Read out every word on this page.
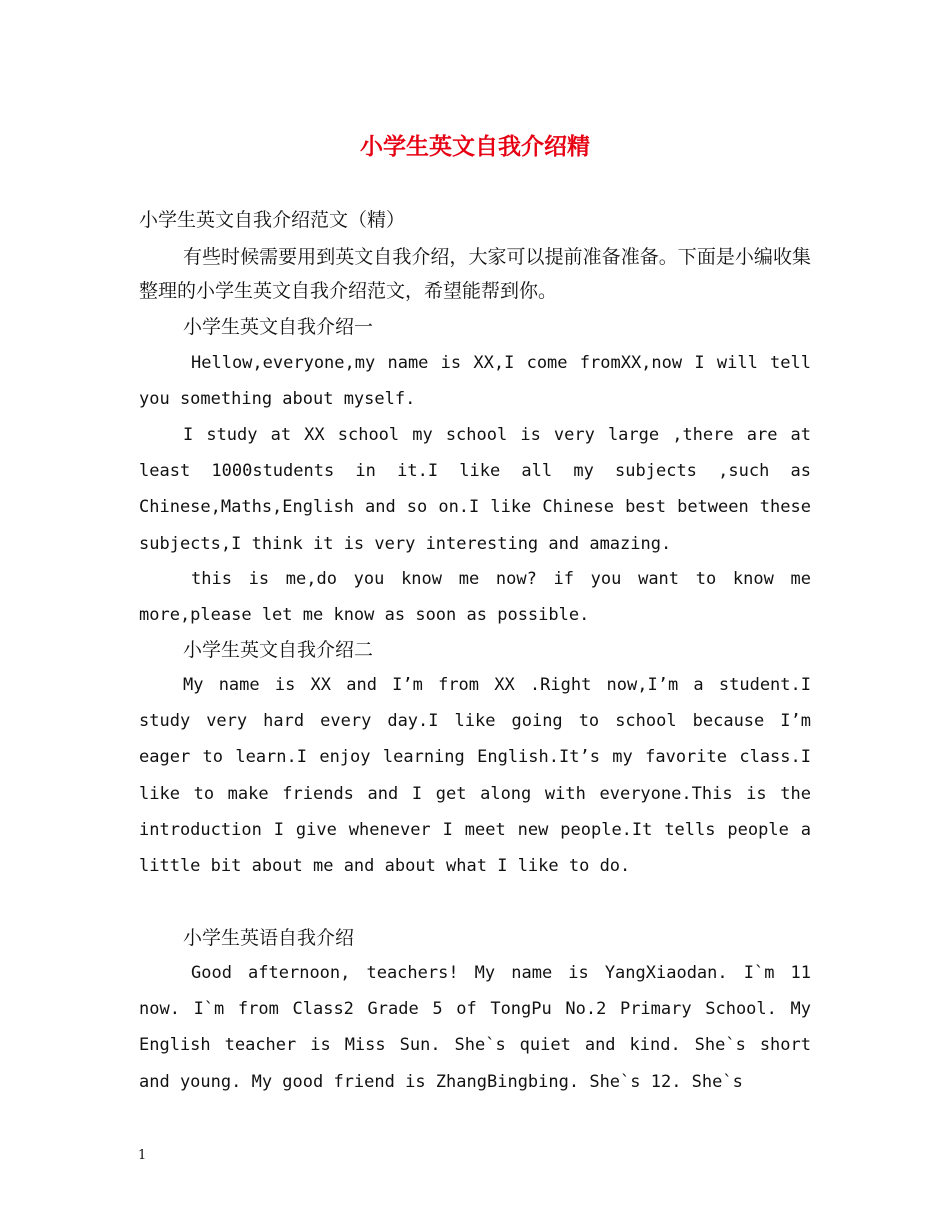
小学生英文自我介绍精
小学生英文自我介绍范文（精）
有些时候需要用到英文自我介绍，大家可以提前准备准备。下面是小编收集整理的小学生英文自我介绍范文，希望能帮到你。
小学生英文自我介绍一
Hellow,everyone,my name is XX,I come fromXX,now I will tell you something about myself.
I study at XX school my school is very large ,there are at least 1000students in it.I like all my subjects ,such as Chinese,Maths,English and so on.I like Chinese best between these subjects,I think it is very interesting and amazing.
this is me,do you know me now? if you want to know me more,please let me know as soon as possible.
小学生英文自我介绍二
My name is XX and I’m from XX .Right now,I’m a student.I study very hard every day.I like going to school because I’m eager to learn.I enjoy learning English.It’s my favorite class.I like to make friends and I get along with everyone.This is the introduction I give whenever I meet new people.It tells people a little bit about me and about what I like to do.
小学生英语自我介绍
Good afternoon, teachers! My name is YangXiaodan. I`m 11 now. I`m from Class2 Grade 5 of TongPu No.2 Primary School. My English teacher is Miss Sun. She`s quiet and kind. She`s short and young. My good friend is ZhangBingbing. She`s 12. She`s
1
